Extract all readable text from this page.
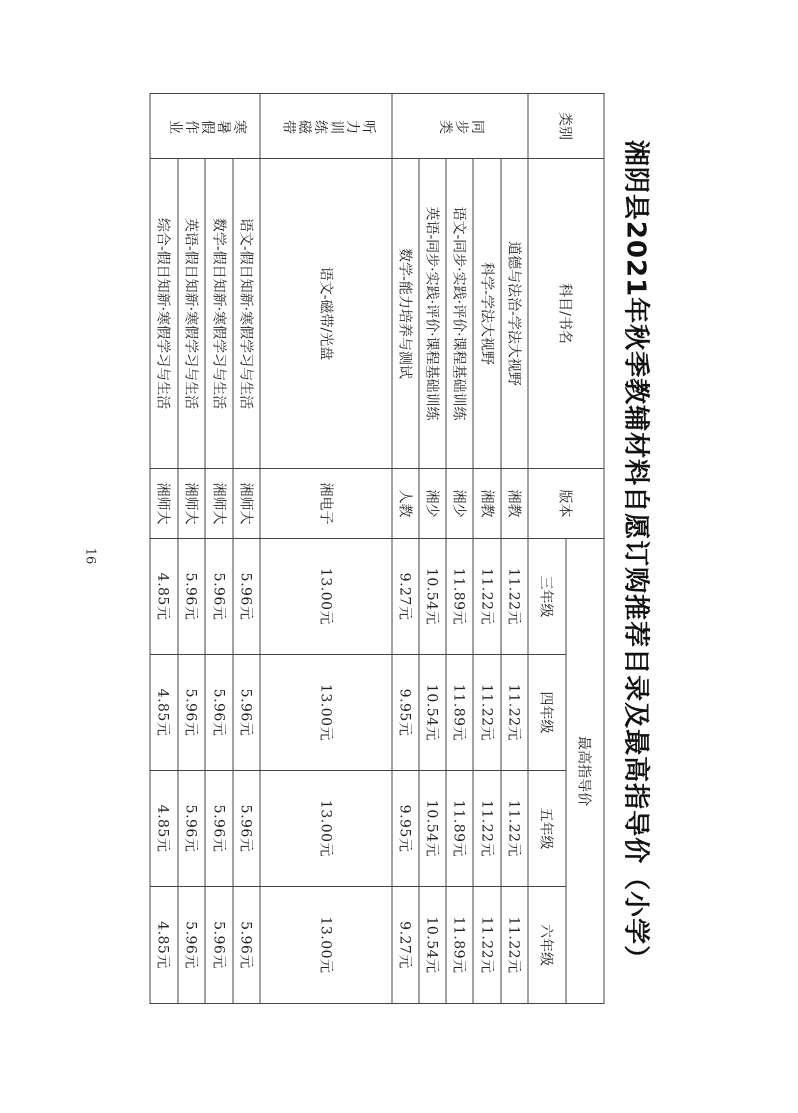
湘阴县2021年秋季教辅材料自愿订购推荐目录及最高指导价（小学）
类别	科目/书名	版本	最高指导价			
			三年级	四年级	五年级	六年级
同步类	道德与法治-学法大视野	湘教	11.22元	11.22元	11.22元	11.22元
	科学-学法大视野	湘教	11.22元	11.22元	11.22元	11.22元
	语文-同步·实践·评价·课程基础训练	湘少	11.89元	11.89元	11.89元	11.89元
	英语-同步·实践·评价·课程基础训练	湘少	10.54元	10.54元	10.54元	10.54元
	数学-能力培养与测试	人教	9.27元	9.95元	9.95元	9.27元
听力训练磁带	语文-磁带/光盘	湘电子	13.00元	13.00元	13.00元	13.00元
寒暑假作业	语文-假日知新·寒假学习与生活	湘师大	5.96元	5.96元	5.96元	5.96元
	数学-假日知新·寒假学习与生活	湘师大	5.96元	5.96元	5.96元	5.96元
	英语-假日知新·寒假学习与生活	湘师大	5.96元	5.96元	5.96元	5.96元
	综合-假日知新·寒假学习与生活	湘师大	4.85元	4.85元	4.85元	4.85元
16
